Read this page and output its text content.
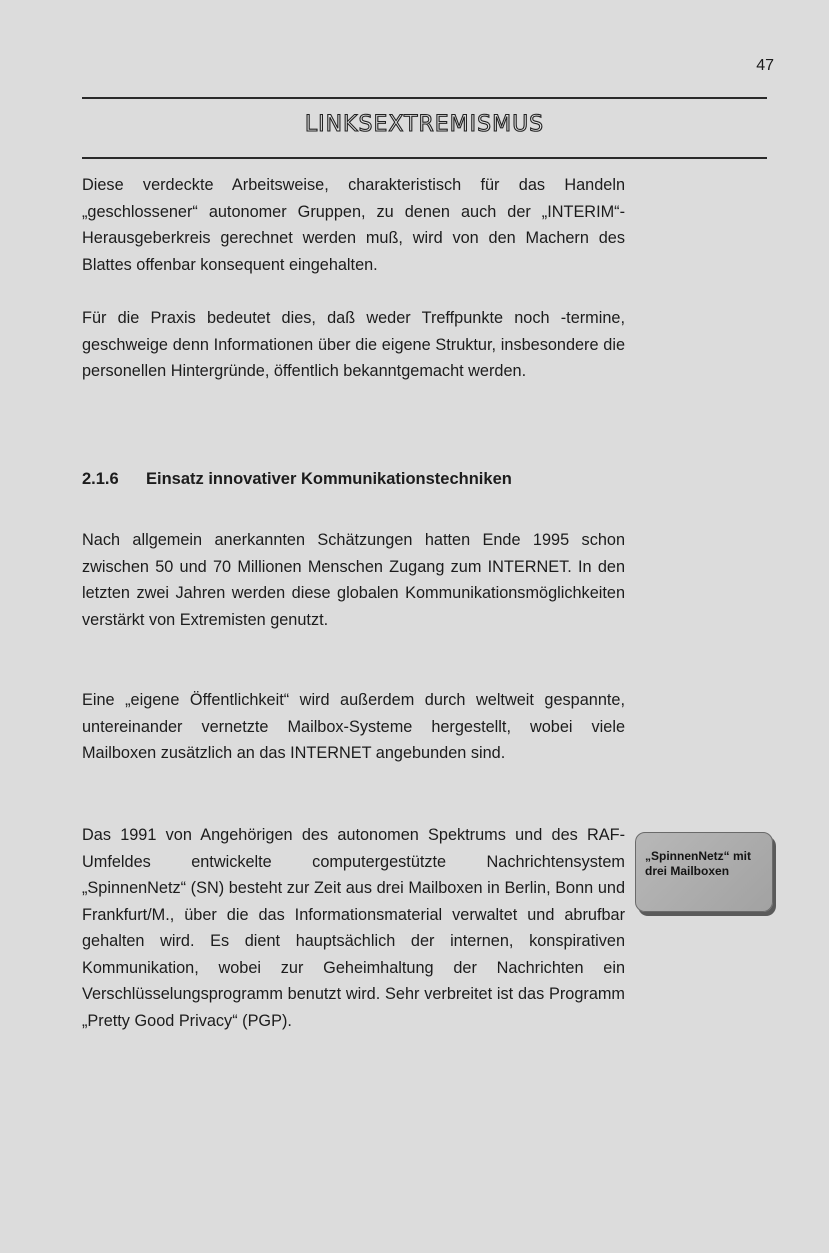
47
LINKSEXTREMISMUS

Diese verdeckte Arbeitsweise, charakteristisch für das Handeln „geschlossener“ autonomer Gruppen, zu denen auch der „INTERIM“-Herausgeberkreis gerechnet werden muß, wird von den Machern des Blattes offenbar konsequent eingehalten.

Für die Praxis bedeutet dies, daß weder Treffpunkte noch -termine, geschweige denn Informationen über die eigene Struktur, insbesondere die personellen Hintergründe, öffentlich bekanntgemacht werden.

2.1.6 Einsatz innovativer Kommunikationstechniken

Nach allgemein anerkannten Schätzungen hatten Ende 1995 schon zwischen 50 und 70 Millionen Menschen Zugang zum INTERNET. In den letzten zwei Jahren werden diese globalen Kommunikationsmöglichkeiten verstärkt von Extremisten genutzt.

Eine „eigene Öffentlichkeit“ wird außerdem durch weltweit gespannte, untereinander vernetzte Mailbox-Systeme hergestellt, wobei viele Mailboxen zusätzlich an das INTERNET angebunden sind.

Das 1991 von Angehörigen des autonomen Spektrums und des RAF-Umfeldes entwickelte computergestützte Nachrichtensystem „SpinnenNetz“ (SN) besteht zur Zeit aus drei Mailboxen in Berlin, Bonn und Frankfurt/M., über die das Informationsmaterial verwaltet und abrufbar gehalten wird. Es dient hauptsächlich der internen, konspirativen Kommunikation, wobei zur Geheimhaltung der Nachrichten ein Verschlüsselungsprogramm benutzt wird. Sehr verbreitet ist das Programm „Pretty Good Privacy“ (PGP).

„SpinnenNetz“ mit drei Mailboxen
